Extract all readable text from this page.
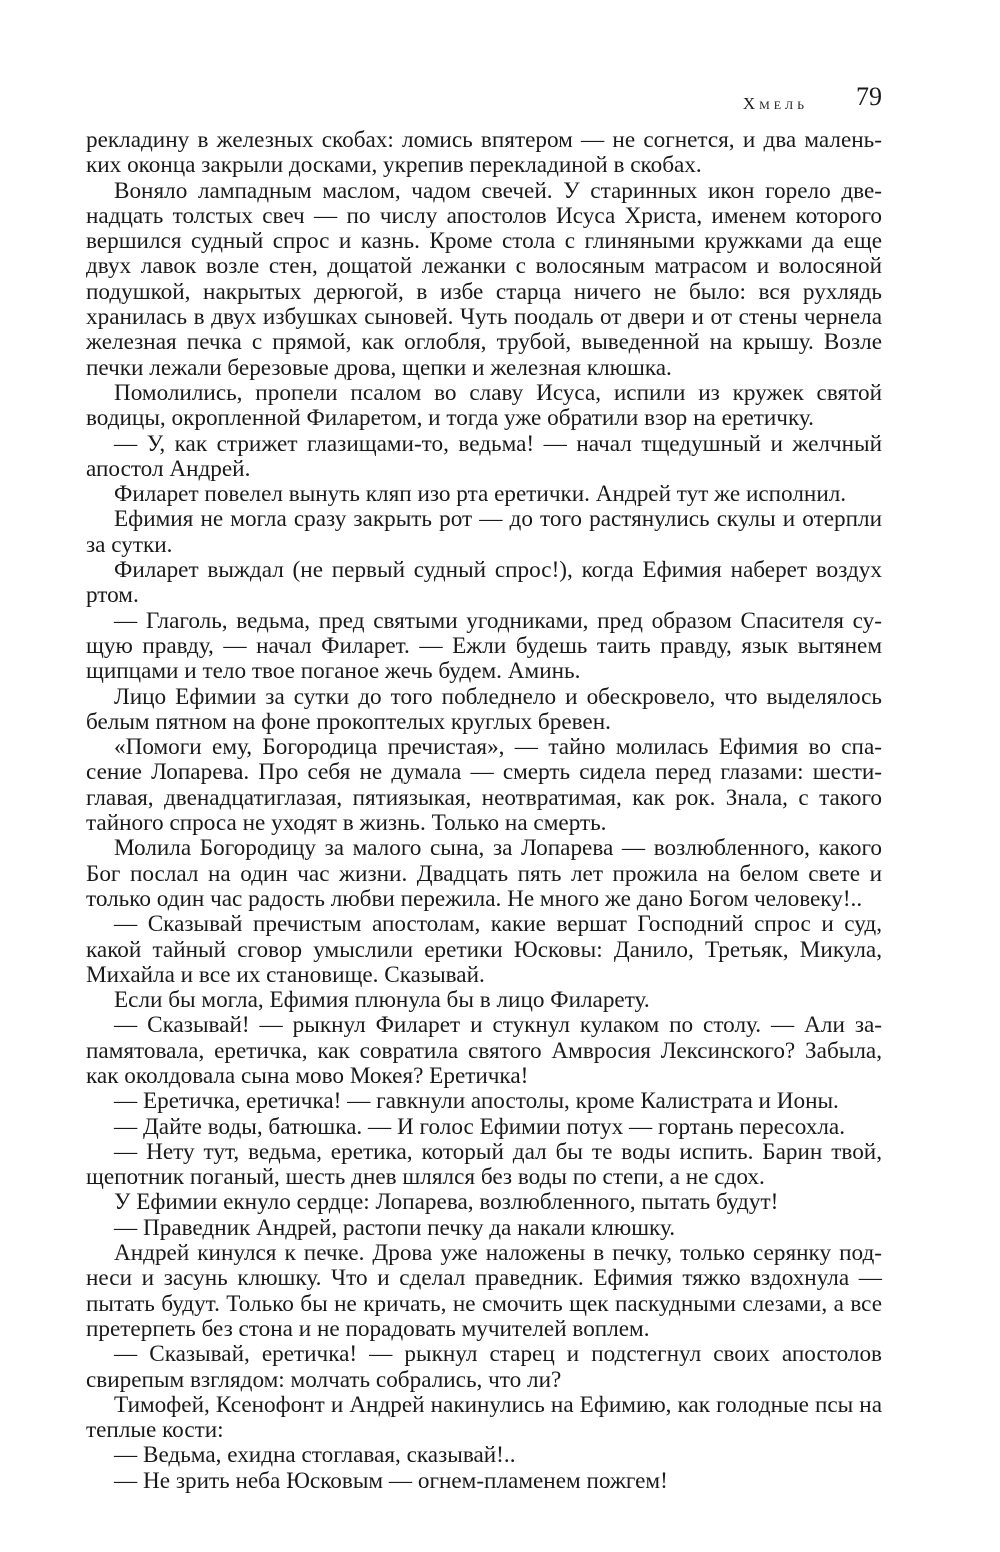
Хмель 79

рекладину в железных скобах: ломись впятером — не согнется, и два маленьких оконца закрыли досками, укрепив перекладиной в скобах.

Воняло лампадным маслом, чадом свечей. У старинных икон горело двенадцать толстых свеч — по числу апостолов Исуса Христа, именем которого вершился судный спрос и казнь. Кроме стола с глиняными кружками да еще двух лавок возле стен, дощатой лежанки с волосяным матрасом и волосяной подушкой, накрытых дерюгой, в избе старца ничего не было: вся рухлядь хранилась в двух избушках сыновей. Чуть поодаль от двери и от стены чернела железная печка с прямой, как оглобля, трубой, выведенной на крышу. Возле печки лежали березовые дрова, щепки и железная клюшка.

Помолились, пропели псалом во славу Исуса, испили из кружек святой водицы, окропленной Филаретом, и тогда уже обратили взор на еретичку.

— У, как стрижет глазищами-то, ведьма! — начал тщедушный и желчный апостол Андрей.

Филарет повелел вынуть кляп изо рта еретички. Андрей тут же исполнил.

Ефимия не могла сразу закрыть рот — до того растянулись скулы и отерпли за сутки.

Филарет выждал (не первый судный спрос!), когда Ефимия наберет воздух ртом.

— Глаголь, ведьма, пред святыми угодниками, пред образом Спасителя сущую правду, — начал Филарет. — Ежли будешь таить правду, язык вытянем щипцами и тело твое поганое жечь будем. Аминь.

Лицо Ефимии за сутки до того побледнело и обескровело, что выделялось белым пятном на фоне прокоптелых круглых бревен.

«Помоги ему, Богородица пречистая», — тайно молилась Ефимия во спасение Лопарева. Про себя не думала — смерть сидела перед глазами: шестиглавая, двенадцатиглазая, пятиязыкая, неотвратимая, как рок. Знала, с такого тайного спроса не уходят в жизнь. Только на смерть.

Молила Богородицу за малого сына, за Лопарева — возлюбленного, какого Бог послал на один час жизни. Двадцать пять лет прожила на белом свете и только один час радость любви пережила. Не много же дано Богом человеку!..

— Сказывай пречистым апостолам, какие вершат Господний спрос и суд, какой тайный сговор умыслили еретики Юсковы: Данило, Третьяк, Микула, Михайла и все их становище. Сказывай.

Если бы могла, Ефимия плюнула бы в лицо Филарету.

— Сказывай! — рыкнул Филарет и стукнул кулаком по столу. — Али запамятовала, еретичка, как совратила святого Амвросия Лексинского? Забыла, как околдовала сына мово Мокея? Еретичка!

— Еретичка, еретичка! — гавкнули апостолы, кроме Калистрата и Ионы.

— Дайте воды, батюшка. — И голос Ефимии потух — гортань пересохла.

— Нету тут, ведьма, еретика, который дал бы те воды испить. Барин твой, щепотник поганый, шесть днев шлялся без воды по степи, а не сдох.

У Ефимии екнуло сердце: Лопарева, возлюбленного, пытать будут!

— Праведник Андрей, растопи печку да накали клюшку.

Андрей кинулся к печке. Дрова уже наложены в печку, только серянку поднеси и засунь клюшку. Что и сделал праведник. Ефимия тяжко вздохнула — пытать будут. Только бы не кричать, не смочить щек паскудными слезами, а все претерпеть без стона и не порадовать мучителей воплем.

— Сказывай, еретичка! — рыкнул старец и подстегнул своих апостолов свирепым взглядом: молчать собрались, что ли?

Тимофей, Ксенофонт и Андрей накинулись на Ефимию, как голодные псы на теплые кости:

— Ведьма, ехидна стоглавая, сказывай!..

— Не зрить неба Юсковым — огнем-пламенем пожгем!
